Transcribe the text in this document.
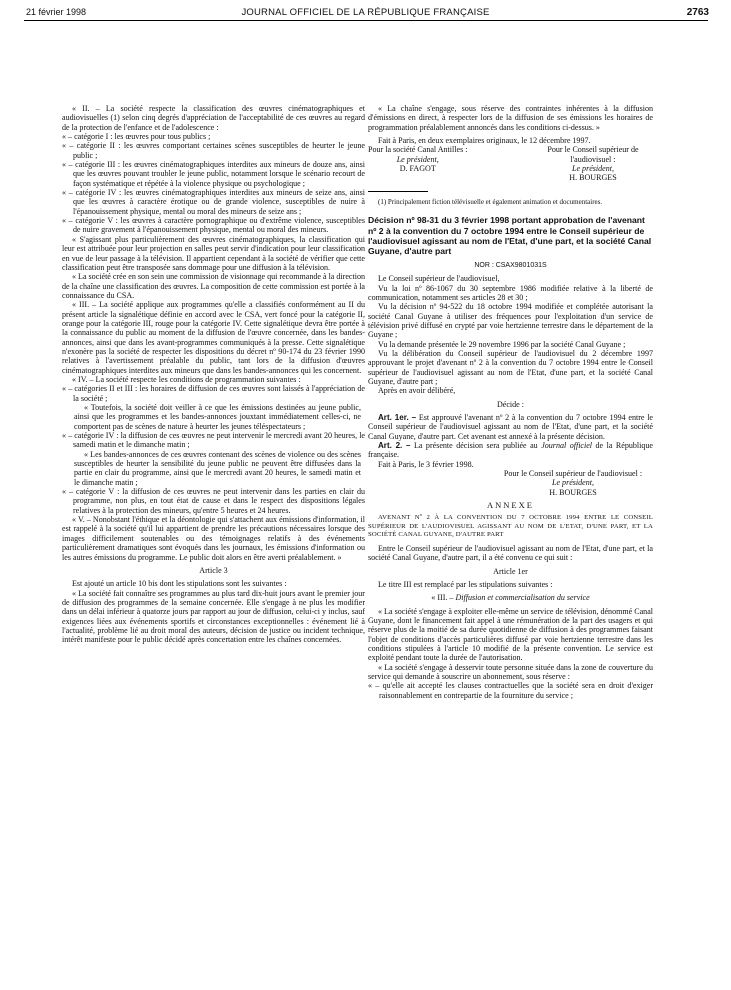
21 février 1998	JOURNAL OFFICIEL DE LA RÉPUBLIQUE FRANÇAISE	2763

« II. – La société respecte la classification des œuvres cinématographiques et audiovisuelles (1) selon cinq degrés d'appréciation de l'acceptabilité de ces œuvres au regard de la protection de l'enfance et de l'adolescence :

« – catégorie I : les œuvres pour tous publics ;

« – catégorie II : les œuvres comportant certaines scènes susceptibles de heurter le jeune public ;

« – catégorie III : les œuvres cinématographiques interdites aux mineurs de douze ans, ainsi que les œuvres pouvant troubler le jeune public, notamment lorsque le scénario recourt de façon systématique et répétée à la violence physique ou psychologique ;

« – catégorie IV : les œuvres cinématographiques interdites aux mineurs de seize ans, ainsi que les œuvres à caractère érotique ou de grande violence, susceptibles de nuire à l'épanouissement physique, mental ou moral des mineurs de seize ans ;

« – catégorie V : les œuvres à caractère pornographique ou d'extrême violence, susceptibles de nuire gravement à l'épanouissement physique, mental ou moral des mineurs.

« S'agissant plus particulièrement des œuvres cinématographiques, la classification qui leur est attribuée pour leur projection en salles peut servir d'indication pour leur classification en vue de leur passage à la télévision. Il appartient cependant à la société de vérifier que cette classification peut être transposée sans dommage pour une diffusion à la télévision.

« La société crée en son sein une commission de visionnage qui recommande à la direction de la chaîne une classification des œuvres. La composition de cette commission est portée à la connaissance du CSA.

« III. – La société applique aux programmes qu'elle a classifiés conformément au II du présent article la signalétique définie en accord avec le CSA, vert foncé pour la catégorie II, orange pour la catégorie III, rouge pour la catégorie IV. Cette signalétique devra être portée à la connaissance du public au moment de la diffusion de l'œuvre concernée, dans les bandes-annonces, ainsi que dans les avant-programmes communiqués à la presse. Cette signalétique n'exonère pas la société de respecter les dispositions du décret nº 90-174 du 23 février 1990 relatives à l'avertissement préalable du public, tant lors de la diffusion d'œuvres cinématographiques interdites aux mineurs que dans les bandes-annonces qui les concernent.

« IV. – La société respecte les conditions de programmation suivantes :

« – catégories II et III : les horaires de diffusion de ces œuvres sont laissés à l'appréciation de la société ;

« Toutefois, la société doit veiller à ce que les émissions destinées au jeune public, ainsi que les programmes et les bandes-annonces jouxtant immédiatement celles-ci, ne comportent pas de scènes de nature à heurter les jeunes téléspectateurs ;

« – catégorie IV : la diffusion de ces œuvres ne peut intervenir le mercredi avant 20 heures, le samedi matin et le dimanche matin ;

« Les bandes-annonces de ces œuvres contenant des scènes de violence ou des scènes susceptibles de heurter la sensibilité du jeune public ne peuvent être diffusées dans la partie en clair du programme, ainsi que le mercredi avant 20 heures, le samedi matin et le dimanche matin ;

« – catégorie V : la diffusion de ces œuvres ne peut intervenir dans les parties en clair du programme, non plus, en tout état de cause et dans le respect des dispositions légales relatives à la protection des mineurs, qu'entre 5 heures et 24 heures.

« V. – Nonobstant l'éthique et la déontologie qui s'attachent aux émissions d'information, il est rappelé à la société qu'il lui appartient de prendre les précautions nécessaires lorsque des images difficilement soutenables ou des témoignages relatifs à des événements particulièrement dramatiques sont évoqués dans les journaux, les émissions d'information ou les autres émissions du programme. Le public doit alors en être averti préalablement. »

Article 3

Est ajouté un article 10 bis dont les stipulations sont les suivantes :

« La société fait connaître ses programmes au plus tard dix-huit jours avant le premier jour de diffusion des programmes de la semaine concernée. Elle s'engage à ne plus les modifier dans un délai inférieur à quatorze jours par rapport au jour de diffusion, celui-ci y inclus, sauf exigences liées aux événements sportifs et circonstances exceptionnelles : événement lié à l'actualité, problème lié au droit moral des auteurs, décision de justice ou incident technique, intérêt manifeste pour le public décidé après concertation entre les chaînes concernées.

« La chaîne s'engage, sous réserve des contraintes inhérentes à la diffusion d'émissions en direct, à respecter lors de la diffusion de ses émissions les horaires de programmation préalablement annoncés dans les conditions ci-dessus. »

Fait à Paris, en deux exemplaires originaux, le 12 décembre 1997.

Pour la société Canal Antilles :
Le président,
D. FAGOT
Pour le Conseil supérieur de l'audiovisuel :
Le président,
H. BOURGES

(1) Principalement fiction télévisuelle et également animation et documentaires.

Décision nº 98-31 du 3 février 1998 portant approbation de l'avenant nº 2 à la convention du 7 octobre 1994 entre le Conseil supérieur de l'audiovisuel agissant au nom de l'Etat, d'une part, et la société Canal Guyane, d'autre part

NOR : CSAX9801031S

Le Conseil supérieur de l'audiovisuel,

Vu la loi nº 86-1067 du 30 septembre 1986 modifiée relative à la liberté de communication, notamment ses articles 28 et 30 ;

Vu la décision nº 94-522 du 18 octobre 1994 modifiée et complétée autorisant la société Canal Guyane à utiliser des fréquences pour l'exploitation d'un service de télévision privé diffusé en crypté par voie hertzienne terrestre dans le département de la Guyane ;

Vu la demande présentée le 29 novembre 1996 par la société Canal Guyane ;

Vu la délibération du Conseil supérieur de l'audiovisuel du 2 décembre 1997 approuvant le projet d'avenant nº 2 à la convention du 7 octobre 1994 entre le Conseil supérieur de l'audiovisuel agissant au nom de l'Etat, d'une part, et la société Canal Guyane, d'autre part ;

Après en avoir délibéré,

Décide :

Art. 1er. – Est approuvé l'avenant nº 2 à la convention du 7 octobre 1994 entre le Conseil supérieur de l'audiovisuel agissant au nom de l'Etat, d'une part, et la société Canal Guyane, d'autre part. Cet avenant est annexé à la présente décision.

Art. 2. – La présente décision sera publiée au Journal officiel de la République française.

Fait à Paris, le 3 février 1998.

Pour le Conseil supérieur de l'audiovisuel :
Le président,
H. BOURGES

ANNEXE

AVENANT Nº 2 À LA CONVENTION DU 7 OCTOBRE 1994 ENTRE LE CONSEIL SUPÉRIEUR DE L'AUDIOVISUEL AGISSANT AU NOM DE L'ETAT, D'UNE PART, ET LA SOCIÉTÉ CANAL GUYANE, D'AUTRE PART

Entre le Conseil supérieur de l'audiovisuel agissant au nom de l'Etat, d'une part, et la société Canal Guyane, d'autre part, il a été convenu ce qui suit :

Article 1er

Le titre III est remplacé par les stipulations suivantes :

« III. – Diffusion et commercialisation du service

« La société s'engage à exploiter elle-même un service de télévision, dénommé Canal Guyane, dont le financement fait appel à une rémunération de la part des usagers et qui réserve plus de la moitié de sa durée quotidienne de diffusion à des programmes faisant l'objet de conditions d'accès particulières diffusé par voie hertzienne terrestre dans les conditions stipulées à l'article 10 modifié de la présente convention. Le service est exploité pendant toute la durée de l'autorisation.

« La société s'engage à desservir toute personne située dans la zone de couverture du service qui demande à souscrire un abonnement, sous réserve :

« – qu'elle ait accepté les clauses contractuelles que la société sera en droit d'exiger raisonnablement en contrepartie de la fourniture du service ;
